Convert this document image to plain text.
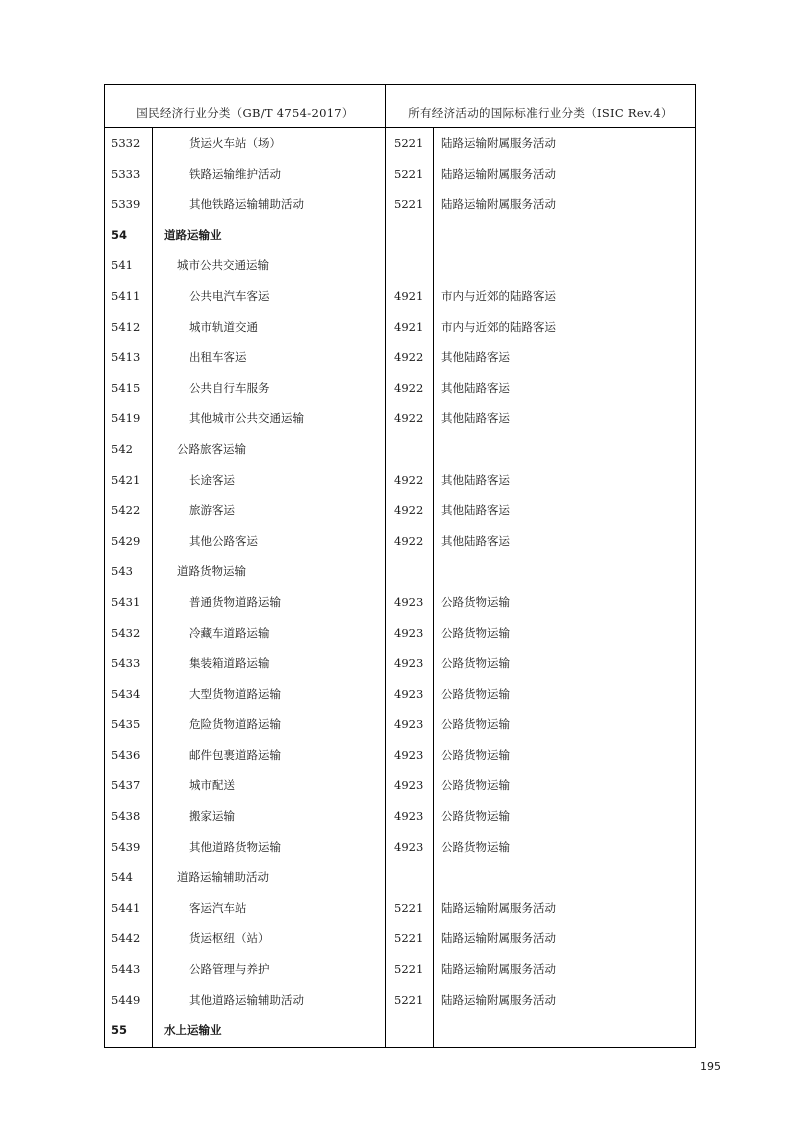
国民经济行业分类（GB/T 4754-2017）	所有经济活动的国际标准行业分类（ISIC Rev.4）
5332	货运火车站（场）	5221 陆路运输附属服务活动
5333	铁路运输维护活动	5221 陆路运输附属服务活动
5339	其他铁路运输辅助活动	5221 陆路运输附属服务活动
54	道路运输业
541	城市公共交通运输
5411	公共电汽车客运	4921 市内与近郊的陆路客运
5412	城市轨道交通	4921 市内与近郊的陆路客运
5413	出租车客运	4922 其他陆路客运
5415	公共自行车服务	4922 其他陆路客运
5419	其他城市公共交通运输	4922 其他陆路客运
542	公路旅客运输
5421	长途客运	4922 其他陆路客运
5422	旅游客运	4922 其他陆路客运
5429	其他公路客运	4922 其他陆路客运
543	道路货物运输
5431	普通货物道路运输	4923 公路货物运输
5432	冷藏车道路运输	4923 公路货物运输
5433	集装箱道路运输	4923 公路货物运输
5434	大型货物道路运输	4923 公路货物运输
5435	危险货物道路运输	4923 公路货物运输
5436	邮件包裹道路运输	4923 公路货物运输
5437	城市配送	4923 公路货物运输
5438	搬家运输	4923 公路货物运输
5439	其他道路货物运输	4923 公路货物运输
544	道路运输辅助活动
5441	客运汽车站	5221 陆路运输附属服务活动
5442	货运枢纽（站）	5221 陆路运输附属服务活动
5443	公路管理与养护	5221 陆路运输附属服务活动
5449	其他道路运输辅助活动	5221 陆路运输附属服务活动
55	水上运输业
195
